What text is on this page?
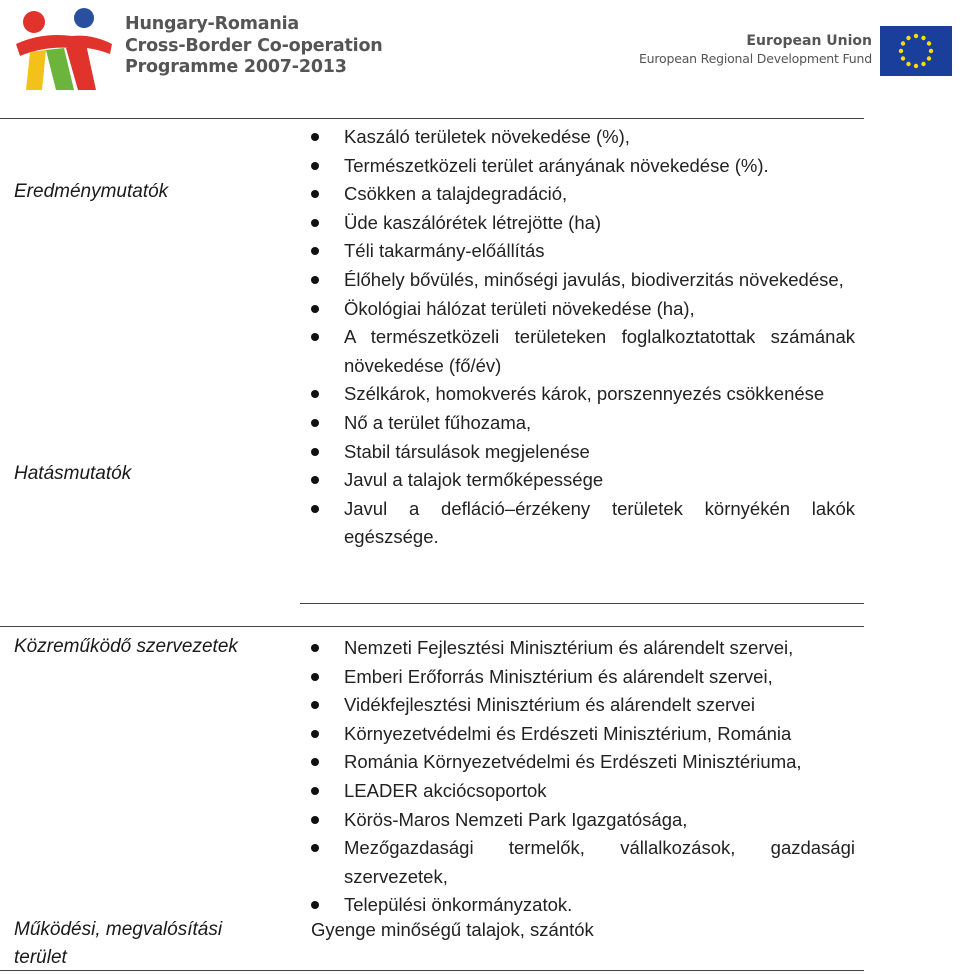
Hungary-Romania
Cross-Border Co-operation
Programme 2007-2013
European Union
European Regional Development Fund
Eredménymutatók
Hatásmutatók
Kaszáló területek növekedése (%),
Természetközeli terület arányának növekedése (%).
Csökken a talajdegradáció,
Üde kaszálórétek létrejötte (ha)
Téli takarmány-előállítás
Élőhely bővülés, minőségi javulás, biodiverzitás növekedése,
Ökológiai hálózat területi növekedése (ha),
A természetközeli területeken foglalkoztatottak számának növekedése (fő/év)
Szélkárok, homokverés károk, porszennyezés csökkenése
Nő a terület fűhozama,
Stabil társulások megjelenése
Javul a talajok termőképessége
Javul a defláció–érzékeny területek környékén lakók egészsége.
Közreműködő szervezetek	Nemzeti Fejlesztési Minisztérium és alárendelt szervei,
Emberi Erőforrás Minisztérium és alárendelt szervei,
Vidékfejlesztési Minisztérium és alárendelt szervei
Környezetvédelmi és Erdészeti Minisztérium, Románia
Románia Környezetvédelmi és Erdészeti Minisztériuma,
LEADER akciócsoportok
Körös-Maros Nemzeti Park Igazgatósága,
Mezőgazdasági termelők, vállalkozások, gazdasági szervezetek,
Települési önkormányzatok.
Működési, megvalósítási terület
Gyenge minőségű talajok, szántók
